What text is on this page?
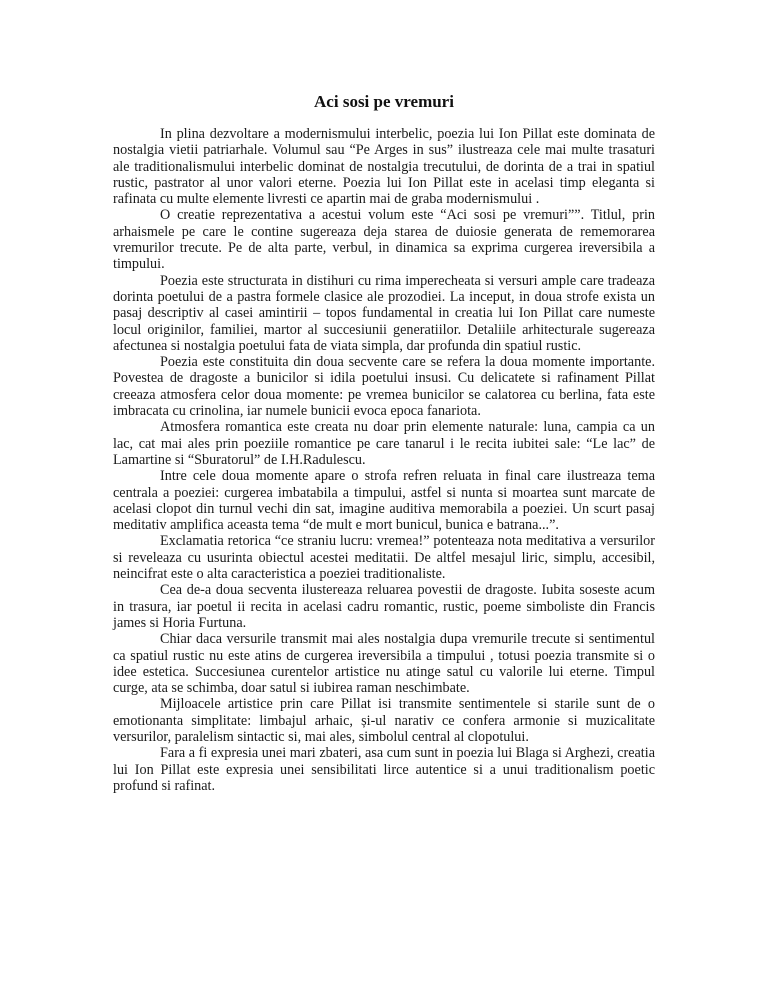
Aci sosi pe vremuri

In plina dezvoltare a modernismului interbelic, poezia lui Ion Pillat este dominata de nostalgia vietii patriarhale. Volumul sau “Pe Arges in sus” ilustreaza cele mai multe trasaturi ale traditionalismului interbelic dominat de nostalgia trecutului, de dorinta de a trai in spatiul rustic, pastrator al unor valori eterne. Poezia lui Ion Pillat este in acelasi timp eleganta si rafinata cu multe elemente livresti ce apartin mai de graba modernismului .

O creatie reprezentativa a acestui volum este “Aci sosi pe vremuri””. Titlul, prin arhaismele pe care le contine sugereaza deja starea de duiosie generata de rememorarea vremurilor trecute. Pe de alta parte, verbul, in dinamica sa exprima curgerea ireversibila a timpului.

Poezia este structurata in distihuri cu rima imperecheata si versuri ample care tradeaza dorinta poetului de a pastra formele clasice ale prozodiei. La inceput, in doua strofe exista un pasaj descriptiv al casei amintirii – topos fundamental in creatia lui Ion Pillat care numeste locul originilor, familiei, martor al succesiunii generatiilor. Detaliile arhitecturale sugereaza afectunea si nostalgia poetului fata de viata simpla, dar profunda din spatiul rustic.

Poezia este constituita din doua secvente care se refera la doua momente importante. Povestea de dragoste a bunicilor si idila poetului insusi. Cu delicatete si rafinament Pillat creeaza atmosfera celor doua momente: pe vremea bunicilor se calatorea cu berlina, fata este imbracata cu crinolina, iar numele bunicii evoca epoca fanariota.

Atmosfera romantica este creata nu doar prin elemente naturale: luna, campia ca un lac, cat mai ales prin poeziile romantice pe care tanarul i le recita iubitei sale: “Le lac” de Lamartine si “Sburatorul” de I.H.Radulescu.

Intre cele doua momente apare o strofa refren reluata in final care ilustreaza tema centrala a poeziei: curgerea imbatabila a timpului, astfel si nunta si moartea sunt marcate de acelasi clopot din turnul vechi din sat, imagine auditiva memorabila a poeziei. Un scurt pasaj meditativ amplifica aceasta tema “de mult e mort bunicul, bunica e batrana...”.

Exclamatia retorica “ce straniu lucru: vremea!” potenteaza nota meditativa a versurilor si reveleaza cu usurinta obiectul acestei meditatii. De altfel mesajul liric, simplu, accesibil, neincifrat este o alta caracteristica a poeziei traditionaliste.

Cea de-a doua secventa ilustereaza reluarea povestii de dragoste. Iubita soseste acum in trasura, iar poetul ii recita in acelasi cadru romantic, rustic, poeme simboliste din Francis james si Horia Furtuna.

Chiar daca versurile transmit mai ales nostalgia dupa vremurile trecute si sentimentul ca spatiul rustic nu este atins de curgerea ireversibila a timpului , totusi poezia transmite si o idee estetica. Succesiunea curentelor artistice nu atinge satul cu valorile lui eterne. Timpul curge, ata se schimba, doar satul si iubirea raman neschimbate.

Mijloacele artistice prin care Pillat isi transmite sentimentele si starile sunt de o emotionanta simplitate: limbajul arhaic, și-ul narativ ce confera armonie si muzicalitate versurilor, paralelism sintactic si, mai ales, simbolul central al clopotului.

Fara a fi expresia unei mari zbateri, asa cum sunt in poezia lui Blaga si Arghezi, creatia lui Ion Pillat este expresia unei sensibilitati lirce autentice si a unui traditionalism poetic profund si rafinat.
